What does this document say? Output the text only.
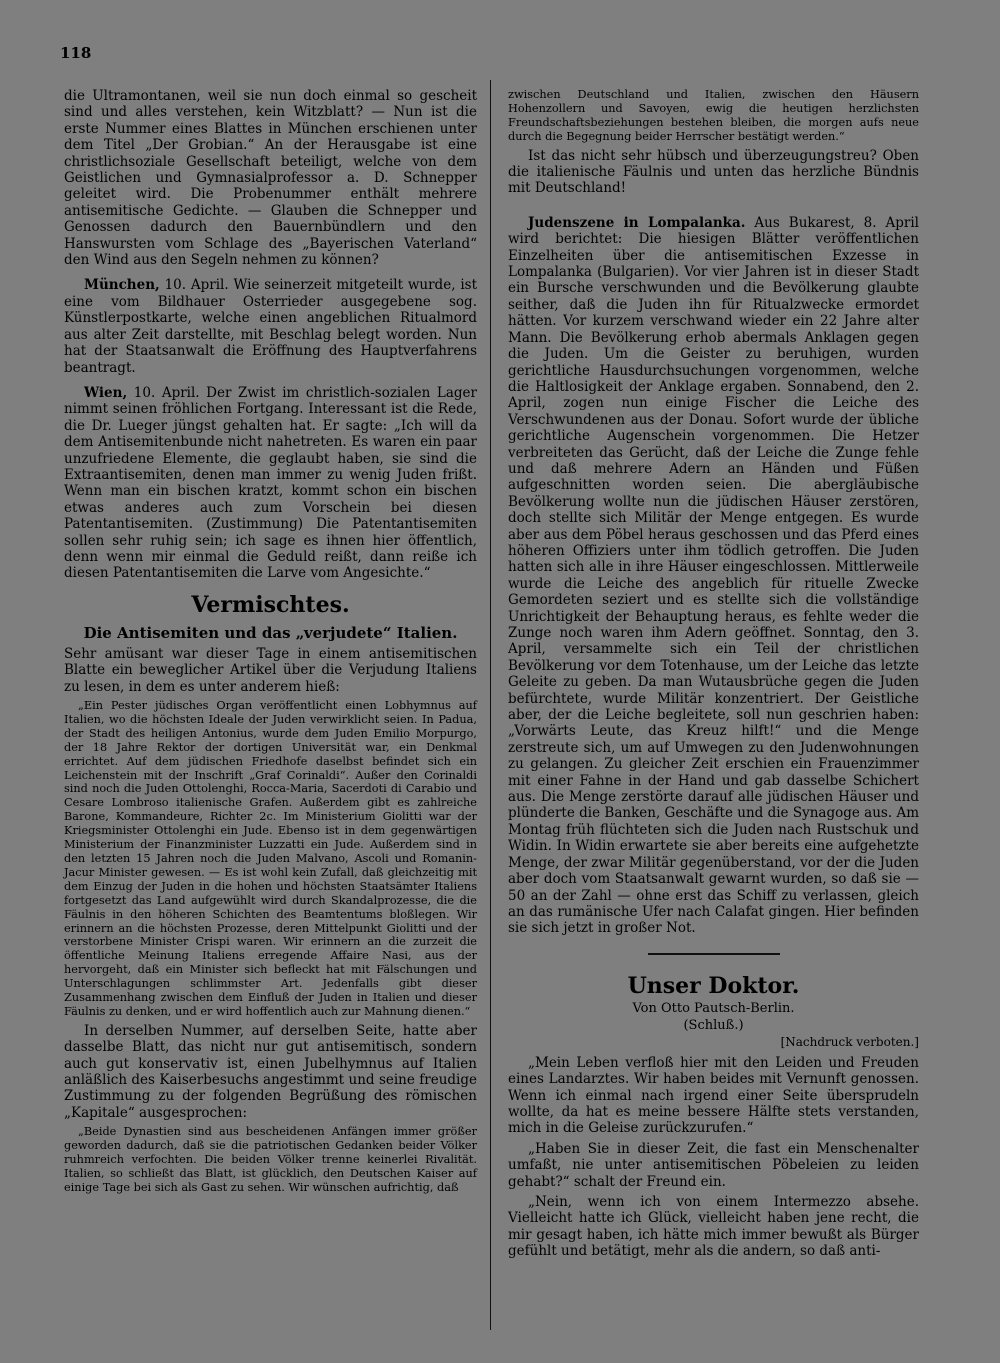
118

die Ultramontanen, weil sie nun doch einmal so gescheit sind und alles verstehen, kein Witzblatt? — Nun ist die erste Nummer eines Blattes in München erschienen unter dem Titel „Der Grobian.“ An der Herausgabe ist eine christlichsoziale Gesellschaft beteiligt, welche von dem Geistlichen und Gymnasialprofessor a. D. Schnepper geleitet wird. Die Probenummer enthält mehrere antisemitische Gedichte. — Glauben die Schnepper und Genossen dadurch den Bauernbündlern und den Hanswursten vom Schlage des „Bayerischen Vaterland“ den Wind aus den Segeln nehmen zu können?

München, 10. April. Wie seinerzeit mitgeteilt wurde, ist eine vom Bildhauer Osterrieder ausgegebene sog. Künstlerpostkarte, welche einen angeblichen Ritualmord aus alter Zeit darstellte, mit Beschlag belegt worden. Nun hat der Staatsanwalt die Eröffnung des Hauptverfahrens beantragt.

Wien, 10. April. Der Zwist im christlich-sozialen Lager nimmt seinen fröhlichen Fortgang. Interessant ist die Rede, die Dr. Lueger jüngst gehalten hat. Er sagte: „Ich will da dem Antisemitenbunde nicht nahetreten. Es waren ein paar unzufriedene Elemente, die geglaubt haben, sie sind die Extraantisemiten, denen man immer zu wenig Juden frißt. Wenn man ein bischen kratzt, kommt schon ein bischen etwas anderes auch zum Vorschein bei diesen Patentantisemiten. (Zustimmung) Die Patentantisemiten sollen sehr ruhig sein; ich sage es ihnen hier öffentlich, denn wenn mir einmal die Geduld reißt, dann reiße ich diesen Patentantisemiten die Larve vom Angesichte.“

Vermischtes.
Die Antisemiten und das „verjudete“ Italien.

Sehr amüsant war dieser Tage in einem antisemitischen Blatte ein beweglicher Artikel über die Verjudung Italiens zu lesen, in dem es unter anderem hieß:

„Ein Pester jüdisches Organ veröffentlicht einen Lobhymnus auf Italien, wo die höchsten Ideale der Juden verwirklicht seien. In Padua, der Stadt des heiligen Antonius, wurde dem Juden Emilio Morpurgo, der 18 Jahre Rektor der dortigen Universität war, ein Denkmal errichtet. Auf dem jüdischen Friedhofe daselbst befindet sich ein Leichenstein mit der Inschrift „Graf Corinaldi“. Außer den Corinaldi sind noch die Juden Ottolenghi, Rocca-Maria, Sacerdoti di Carabio und Cesare Lombroso italienische Grafen. Außerdem gibt es zahlreiche Barone, Kommandeure, Richter 2c. Im Ministerium Giolitti war der Kriegsminister Ottolenghi ein Jude. Ebenso ist in dem gegenwärtigen Ministerium der Finanzminister Luzzatti ein Jude. Außerdem sind in den letzten 15 Jahren noch die Juden Malvano, Ascoli und Romanin-Jacur Minister gewesen. — Es ist wohl kein Zufall, daß gleichzeitig mit dem Einzug der Juden in die hohen und höchsten Staatsämter Italiens fortgesetzt das Land aufgewühlt wird durch Skandalprozesse, die die Fäulnis in den höheren Schichten des Beamtentums bloßlegen. Wir erinnern an die höchsten Prozesse, deren Mittelpunkt Giolitti und der verstorbene Minister Crispi waren. Wir erinnern an die zurzeit die öffentliche Meinung Italiens erregende Affaire Nasi, aus der hervorgeht, daß ein Minister sich befleckt hat mit Fälschungen und Unterschlagungen schlimmster Art. Jedenfalls gibt dieser Zusammenhang zwischen dem Einfluß der Juden in Italien und dieser Fäulnis zu denken, und er wird hoffentlich auch zur Mahnung dienen.“

In derselben Nummer, auf derselben Seite, hatte aber dasselbe Blatt, das nicht nur gut antisemitisch, sondern auch gut konservativ ist, einen Jubelhymnus auf Italien anläßlich des Kaiserbesuchs angestimmt und seine freudige Zustimmung zu der folgenden Begrüßung des römischen „Kapitale“ ausgesprochen:

„Beide Dynastien sind aus bescheidenen Anfängen immer größer geworden dadurch, daß sie die patriotischen Gedanken beider Völker ruhmreich verfochten. Die beiden Völker trenne keinerlei Rivalität. Italien, so schließt das Blatt, ist glücklich, den Deutschen Kaiser auf einige Tage bei sich als Gast zu sehen. Wir wünschen aufrichtig, daß

zwischen Deutschland und Italien, zwischen den Häusern Hohenzollern und Savoyen, ewig die heutigen herzlichsten Freundschaftsbeziehungen bestehen bleiben, die morgen aufs neue durch die Begegnung beider Herrscher bestätigt werden.“

Ist das nicht sehr hübsch und überzeugungstreu? Oben die italienische Fäulnis und unten das herzliche Bündnis mit Deutschland!

Judenszene in Lompalanka. Aus Bukarest, 8. April wird berichtet: Die hiesigen Blätter veröffentlichen Einzelheiten über die antisemitischen Exzesse in Lompalanka (Bulgarien). Vor vier Jahren ist in dieser Stadt ein Bursche verschwunden und die Bevölkerung glaubte seither, daß die Juden ihn für Ritualzwecke ermordet hätten. Vor kurzem verschwand wieder ein 22 Jahre alter Mann. Die Bevölkerung erhob abermals Anklagen gegen die Juden. Um die Geister zu beruhigen, wurden gerichtliche Hausdurchsuchungen vorgenommen, welche die Haltlosigkeit der Anklage ergaben. Sonnabend, den 2. April, zogen nun einige Fischer die Leiche des Verschwundenen aus der Donau. Sofort wurde der übliche gerichtliche Augenschein vorgenommen. Die Hetzer verbreiteten das Gerücht, daß der Leiche die Zunge fehle und daß mehrere Adern an Händen und Füßen aufgeschnitten worden seien. Die abergläubische Bevölkerung wollte nun die jüdischen Häuser zerstören, doch stellte sich Militär der Menge entgegen. Es wurde aber aus dem Pöbel heraus geschossen und das Pferd eines höheren Offiziers unter ihm tödlich getroffen. Die Juden hatten sich alle in ihre Häuser eingeschlossen. Mittlerweile wurde die Leiche des angeblich für rituelle Zwecke Gemordeten seziert und es stellte sich die vollständige Unrichtigkeit der Behauptung heraus, es fehlte weder die Zunge noch waren ihm Adern geöffnet. Sonntag, den 3. April, versammelte sich ein Teil der christlichen Bevölkerung vor dem Totenhause, um der Leiche das letzte Geleite zu geben. Da man Wutausbrüche gegen die Juden befürchtete, wurde Militär konzentriert. Der Geistliche aber, der die Leiche begleitete, soll nun geschrien haben: „Vorwärts Leute, das Kreuz hilft!“ und die Menge zerstreute sich, um auf Umwegen zu den Judenwohnungen zu gelangen. Zu gleicher Zeit erschien ein Frauenzimmer mit einer Fahne in der Hand und gab dasselbe Schichert aus. Die Menge zerstörte darauf alle jüdischen Häuser und plünderte die Banken, Geschäfte und die Synagoge aus. Am Montag früh flüchteten sich die Juden nach Rustschuk und Widin. In Widin erwartete sie aber bereits eine aufgehetzte Menge, der zwar Militär gegenüberstand, vor der die Juden aber doch vom Staatsanwalt gewarnt wurden, so daß sie — 50 an der Zahl — ohne erst das Schiff zu verlassen, gleich an das rumänische Ufer nach Calafat gingen. Hier befinden sie sich jetzt in großer Not.

Unser Doktor.
Von Otto Pautsch-Berlin.
(Schluß.)
[Nachdruck verboten.]

„Mein Leben verfloß hier mit den Leiden und Freuden eines Landarztes. Wir haben beides mit Vernunft genossen. Wenn ich einmal nach irgend einer Seite übersprudeln wollte, da hat es meine bessere Hälfte stets verstanden, mich in die Geleise zurückzurufen.“

„Haben Sie in dieser Zeit, die fast ein Menschenalter umfaßt, nie unter antisemitischen Pöbeleien zu leiden gehabt?“ schalt der Freund ein.

„Nein, wenn ich von einem Intermezzo absehe. Vielleicht hatte ich Glück, vielleicht haben jene recht, die mir gesagt haben, ich hätte mich immer bewußt als Bürger gefühlt und betätigt, mehr als die andern, so daß anti-
